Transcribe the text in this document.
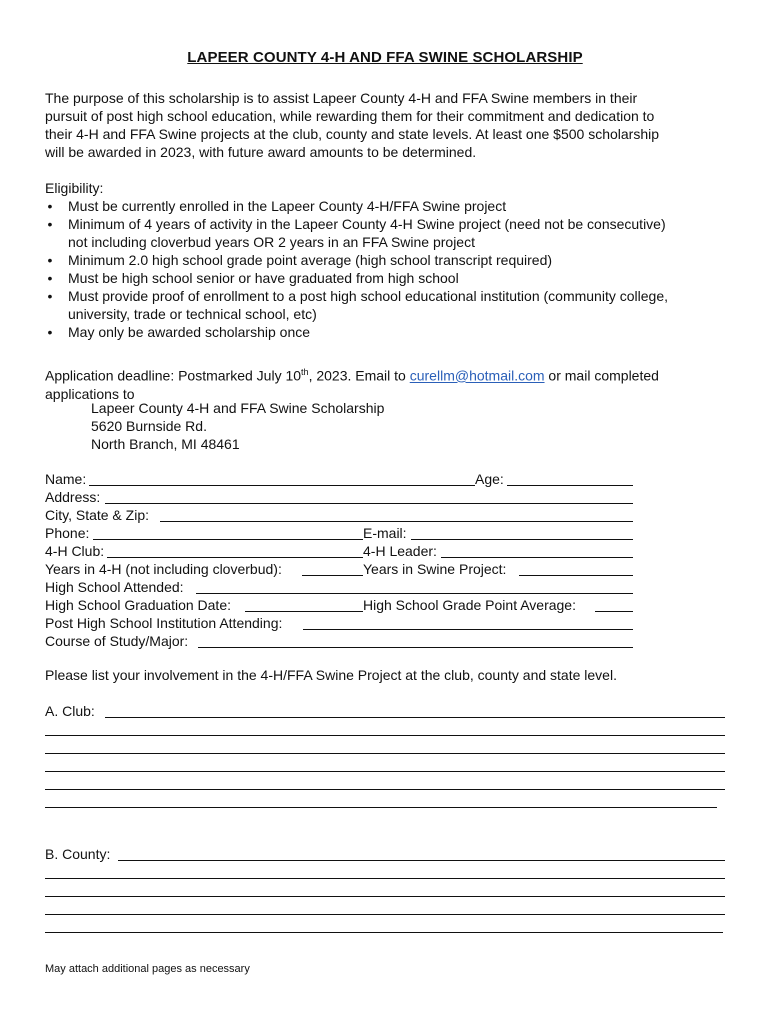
LAPEER COUNTY 4-H AND FFA SWINE SCHOLARSHIP
The purpose of this scholarship is to assist Lapeer County 4-H and FFA Swine members in their
pursuit of post high school education, while rewarding them for their commitment and dedication to
their 4-H and FFA Swine projects at the club, county and state levels. At least one $500 scholarship
will be awarded in 2023, with future award amounts to be determined.
Eligibility:
• Must be currently enrolled in the Lapeer County 4-H/FFA Swine project
• Minimum of 4 years of activity in the Lapeer County 4-H Swine project (need not be consecutive)
not including cloverbud years OR 2 years in an FFA Swine project
• Minimum 2.0 high school grade point average (high school transcript required)
• Must be high school senior or have graduated from high school
• Must provide proof of enrollment to a post high school educational institution (community college,
university, trade or technical school, etc)
• May only be awarded scholarship once
Application deadline: Postmarked July 10th, 2023. Email to curellm@hotmail.com or mail completed
applications to
Lapeer County 4-H and FFA Swine Scholarship
5620 Burnside Rd.
North Branch, MI 48461
Name:	Age:
Address:
City, State & Zip:
Phone:	E-mail:
4-H Club:	4-H Leader:
Years in 4-H (not including cloverbud):	Years in Swine Project:
High School Attended:
High School Graduation Date:	High School Grade Point Average:
Post High School Institution Attending:
Course of Study/Major:
Please list your involvement in the 4-H/FFA Swine Project at the club, county and state level.
A. Club:
B. County:
May attach additional pages as necessary
